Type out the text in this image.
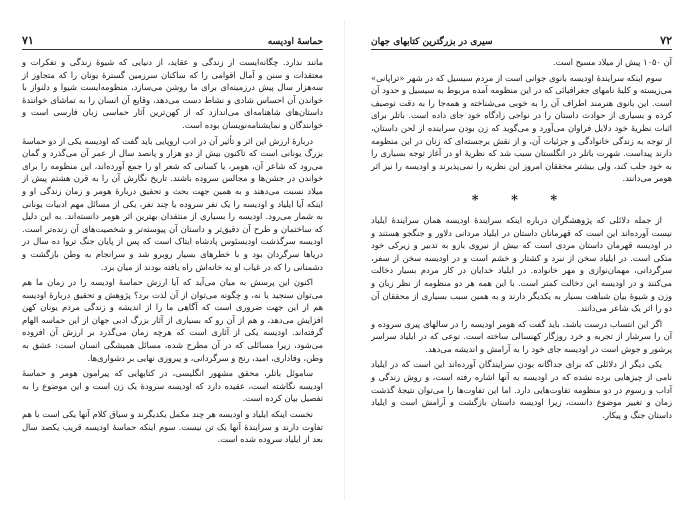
۷۲
سیری در بزرگترین کتابهای جهان

آن ۱۰۵۰ پیش از میلاد مسیح است.

سوم اینکه سرایندهٔ اودیسه بانوی جوانی است از مردم سیسیل که در شهر «تراپانی» می‌زیسته و کلیهٔ نامهای جغرافیائی که در این منظومه آمده مربوط به سیسیل و حدود آن است. این بانوی هنرمند اطراف آن را به خوبی می‌شناخته و همه‌جا را به دقت توصیف کرده و بسیاری از حوادث داستان را در نواحی زادگاه خود جای داده است. باتلر برای اثبات نظریهٔ خود دلایل فراوان می‌آورد و می‌گوید که زن بودن سراینده از لحن داستان، از توجه به زندگی خانوادگی و جزئیات آن، و از نقش برجسته‌ای که زنان در این منظومه دارند پیداست. شهرت باتلر در انگلستان سبب شد که نظریهٔ او در آغاز توجه بسیاری را به خود جلب کند، ولی بیشتر محققان امروز این نظریه را نمی‌پذیرند و اودیسه را نیز اثر هومر می‌دانند.

* * *

از جمله دلائلی که پژوهشگران درباره اینکه سرایندهٔ اودیسه همان سرایندهٔ ایلیاد نیست آورده‌اند این است که قهرمانان داستان در ایلیاد مردانی دلاور و جنگجو هستند و در اودیسه قهرمان داستان مردی است که بیش از نیروی بازو به تدبیر و زیرکی خود متکی است. در ایلیاد سخن از نبرد و کشتار و خشم است و در اودیسه سخن از سفر، سرگردانی، مهمان‌نوازی و مهر خانواده. در ایلیاد خدایان در کار مردم بسیار دخالت می‌کنند و در اودیسه این دخالت کمتر است. با این همه هر دو منظومه از نظر زبان و وزن و شیوهٔ بیان شباهت بسیار به یکدیگر دارند و به همین سبب بسیاری از محققان آن دو را اثر یک شاعر می‌دانند.

اگر این انتساب درست باشد، باید گفت که هومر اودیسه را در سالهای پیری سروده و آن را سرشار از تجربه و خرد روزگار کهنسالی ساخته است. نوعی که در ایلیاد سراسر پرشور و جوش است در اودیسه جای خود را به آرامش و اندیشه می‌دهد.

یکی دیگر از دلائلی که برای جداگانه بودن سرایندگان آورده‌اند این است که در ایلیاد نامی از چیزهایی برده نشده که در اودیسه به آنها اشاره رفته است، و روش زندگی و آداب و رسوم در دو منظومه تفاوت‌هایی دارد. اما این تفاوت‌ها را می‌توان نتیجهٔ گذشت زمان و تغییر موضوع دانست، زیرا اودیسه داستان بازگشت و آرامش است و ایلیاد داستان جنگ و پیکار.

حماسهٔ اودیسه
۷۱

مانند ندارد. چگانه‌ایست از زندگی و عقاید، از دنیایی که شیوهٔ زندگی و تفکرات و معتقدات و سنن و آمال اقوامی را که ساکنان سرزمین گسترهٔ یونان را که متجاوز از سه‌هزار سال پیش درزمینه‌ای برای ما روشن می‌سازد، منظومه‌ایست شیوا و دلنواز با خواندن آن احساس شادی و نشاط دست می‌دهد، وقایع آن انسان را به تماشای خوانندهٔ داستان‌های شاهنامه‌ای می‌اندازد که از کهن‌ترین آثار حماسی زبان فارسی است و خوانندگان و نمایشنامه‌نویسان بوده است.

دربارهٔ ارزش این اثر و تأثیر آن در ادب اروپایی باید گفت که اودیسه یکی از دو حماسهٔ بزرگ یونانی است که تاکنون بیش از دو هزار و پانصد سال از عمر آن می‌گذرد و گمان می‌رود که شاعر آن، هومر، یا کسانی که شعر او را جمع آورده‌اند، این منظومه را برای خواندن در جشن‌ها و مجالس سروده باشند. تاریخ نگارش آن را به قرن هشتم پیش از میلاد نسبت می‌دهند و به همین جهت بحث و تحقیق دربارهٔ هومر و زمان زندگی او و اینکه آیا ایلیاد و اودیسه را یک نفر سروده یا چند نفر، یکی از مسائل مهم ادبیات یونانی به شمار می‌رود. اودیسه را بسیاری از منتقدان بهترین اثر هومر دانسته‌اند. به این دلیل که ساختمان و طرح آن دقیق‌تر و داستان آن پیوسته‌تر و شخصیت‌های آن زنده‌تر است. اودیسه سرگذشت اودیسئوس پادشاه ایتاک است که پس از پایان جنگ تروا ده سال در دریاها سرگردان بود و با خطرهای بسیار روبرو شد و سرانجام به وطن بازگشت و دشمنانی را که در غیاب او به خانه‌اش راه یافته بودند از میان برد.

اکنون این پرسش به میان می‌آید که آیا ارزش حماسهٔ اودیسه را در زمان ما هم می‌توان سنجید یا نه، و چگونه می‌توان از آن لذت برد؟ پژوهش و تحقیق دربارهٔ اودیسه هم از این جهت ضروری است که آگاهی ما را از اندیشه و زندگی مردم یونان کهن افزایش می‌دهد، و هم از آن رو که بسیاری از آثار بزرگ ادبی جهان از این حماسه الهام گرفته‌اند. اودیسه یکی از آثاری است که هرچه زمان می‌گذرد بر ارزش آن افزوده می‌شود، زیرا مسائلی که در آن مطرح شده، مسائل همیشگی انسان است: عشق به وطن، وفاداری، امید، رنج و سرگردانی، و پیروزی نهایی بر دشواری‌ها.

ساموئل باتلر، محقق مشهور انگلیسی، در کتابهایی که پیرامون هومر و حماسهٔ اودیسه نگاشته است، عقیده دارد که اودیسه سرودهٔ یک زن است و این موضوع را به تفصیل بیان کرده است.

نخست اینکه ایلیاد و اودیسه هر چند مکمل یکدیگرند و سیاق کلام آنها یکی است با هم تفاوت دارند و سرایندهٔ آنها یک تن نیست. سوم اینکه حماسهٔ اودیسه قریب یکصد سال بعد از ایلیاد سروده شده است.
